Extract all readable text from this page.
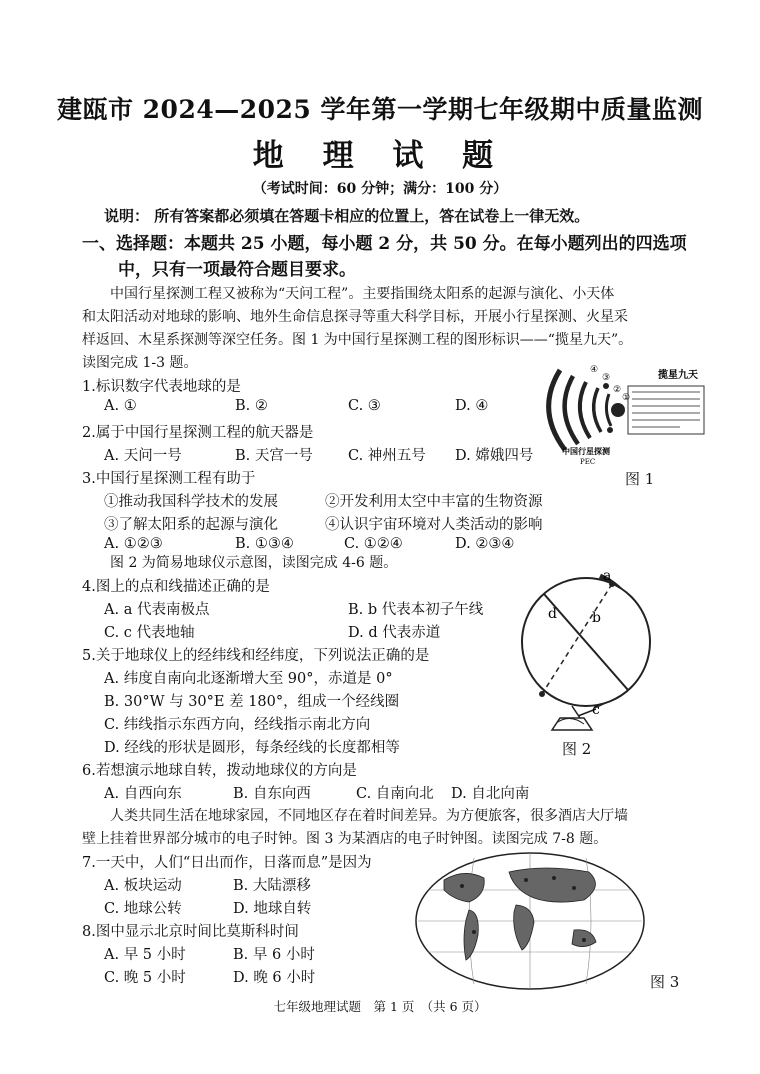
建瓯市 2024—2025 学年第一学期七年级期中质量监测
地 理 试 题
（考试时间：60 分钟；满分：100 分）
说明： 所有答案都必须填在答题卡相应的位置上，答在试卷上一律无效。
一、选择题：本题共 25 小题，每小题 2 分，共 50 分。在每小题列出的四选项
中，只有一项最符合题目要求。
中国行星探测工程又被称为“天问工程”。主要指围绕太阳系的起源与演化、小天体
和太阳活动对地球的影响、地外生命信息探寻等重大科学目标，开展小行星探测、火星采
样返回、木星系探测等深空任务。图 1 为中国行星探测工程的图形标识——“揽星九天”。
读图完成 1-3 题。
1.标识数字代表地球的是
A. ①	B. ②	C. ③	D. ④
2.属于中国行星探测工程的航天器是
A. 天问一号	B. 天宫一号 C. 神州五号 D. 嫦娥四号
3.中国行星探测工程有助于
①推动我国科学技术的发展	②开发利用太空中丰富的生物资源
③了解太阳系的起源与演化	④认识宇宙环境对人类活动的影响
A. ①②③	B. ①③④	C. ①②④	D. ②③④
图 2 为简易地球仪示意图，读图完成 4-6 题。
4.图上的点和线描述正确的是
A. a 代表南极点	B. b 代表本初子午线
C. c 代表地轴	D. d 代表赤道
5.关于地球仪上的经纬线和经纬度，下列说法正确的是
A. 纬度自南向北逐渐增大至 90°，赤道是 0°
B. 30°W 与 30°E 差 180°，组成一个经线圈
C. 纬线指示东西方向，经线指示南北方向
D. 经线的形状是圆形，每条经线的长度都相等
6.若想演示地球自转，拨动地球仪的方向是
A. 自西向东	B. 自东向西	C. 自南向北 D. 自北向南
人类共同生活在地球家园，不同地区存在着时间差异。为方便旅客，很多酒店大厅墙
壁上挂着世界部分城市的电子时钟。图 3 为某酒店的电子时钟图。读图完成 7-8 题。
7.一天中，人们“日出而作，日落而息”是因为
A. 板块运动	B. 大陆漂移
C. 地球公转	D. 地球自转
8.图中显示北京时间比莫斯科时间
A. 早 5 小时	B. 早 6 小时
C. 晚 5 小时	D. 晚 6 小时
揽星九天
①
②
③
④
中国行星探测
PEC
图 1
a
b
d
c
图 2
图 3
七年级地理试题　第 1 页　（共 6 页）
